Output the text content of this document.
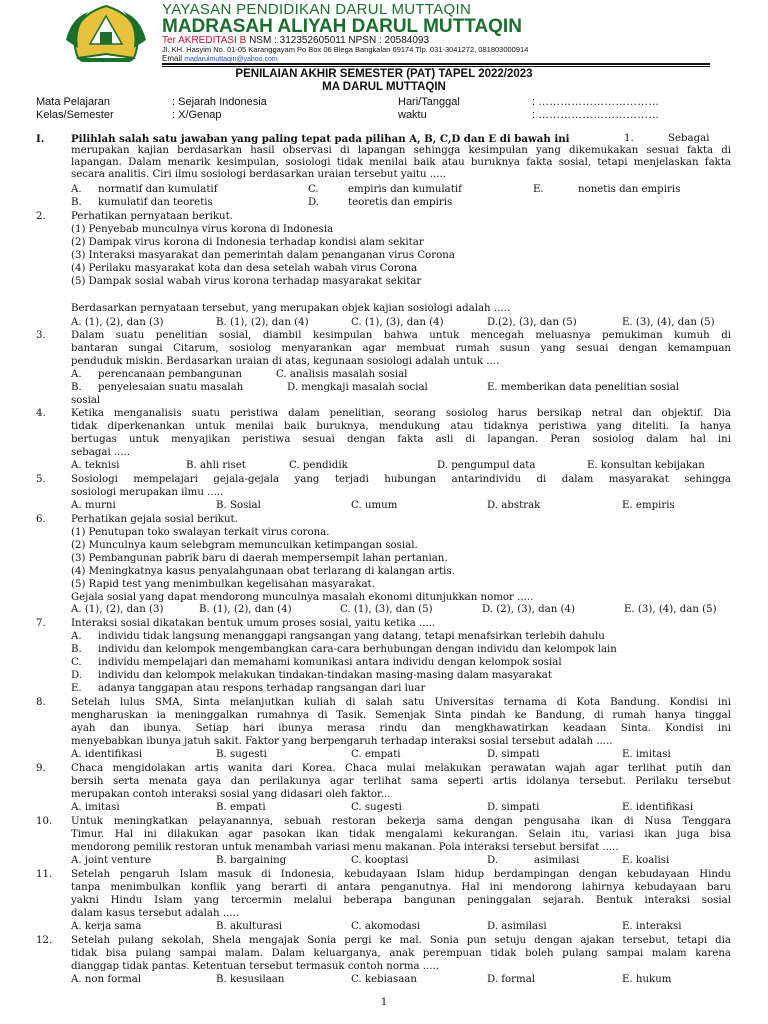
YAYASAN PENDIDIKAN DARUL MUTTAQIN
MADRASAH ALIYAH DARUL MUTTAQIN
Ter AKREDITASI B NSM : 312352605011 NPSN : 20584093
Jl. KH. Hasyim No. 01-05 Karanggayam Po Box 06 Blega Bangkalan 69174 Tlp. 031-3041272, 081803000914
Email madarulmuttaqin@yahoo.com
PENILAIAN AKHIR SEMESTER (PAT) TAPEL 2022/2023
MA DARUL MUTTAQIN
Mata Pelajaran	: Sejarah Indonesia	Hari/Tanggal	: ……………………………
Kelas/Semester	: X/Genap	waktu	: ……………………………
I.	Pilihlah salah satu jawaban yang paling tepat pada pilihan A, B, C,D dan E di bawah ini	1.	Sebagai
merupakan kajian berdasarkan hasil observasi di lapangan sehingga kesimpulan yang dikemukakan sesuai fakta di
lapangan. Dalam menarik kesimpulan, sosiologi tidak menilai baik atau buruknya fakta sosial, tetapi menjelaskan fakta
secara analitis. Ciri ilmu sosiologi berdasarkan uraian tersebut yaitu .....
A. normatif dan kumulatif	C.	empiris dan kumulatif	E.	nonetis dan empiris
B. kumulatif dan teoretis	D.	teoretis dan empiris
2. Perhatikan pernyataan berikut.
(1) Penyebab munculnya virus korona di Indonesia
(2) Dampak virus korona di Indonesia terhadap kondisi alam sekitar
(3) Interaksi masyarakat dan pemerintah dalam penanganan virus Corona
(4) Perilaku masyarakat kota dan desa setelah wabah virus Corona
(5) Dampak sosial wabah virus korona terhadap masyarakat sekitar
Berdasarkan pernyataan tersebut, yang merupakan objek kajian sosiologi adalah .....
A. (1), (2), dan (3)	B. (1), (2), dan (4)	C. (1), (3), dan (4)	D.(2), (3), dan (5)	E. (3), (4), dan (5)
3. Dalam suatu penelitian sosial, diambil kesimpulan bahwa untuk mencegah meluasnya pemukiman kumuh di
bantaran sungai Citarum, sosiolog menyarankan agar membuat rumah susun yang sesuai dengan kemampuan
penduduk miskin. Berdasarkan uraian di atas, kegunaan sosiologi adalah untuk ....
A. perencanaan pembangunan	C. analisis masalah sosial
B. penyelesaian suatu masalah	D. mengkaji masalah social	E. memberikan data penelitian sosial
sosial
4. Ketika menganalisis suatu peristiwa dalam penelitian, seorang sosiolog harus bersikap netral dan objektif. Dia
tidak diperkenankan untuk menilai baik buruknya, mendukung atau tidaknya peristiwa yang diteliti. Ia hanya
bertugas untuk menyajikan peristiwa sesuai dengan fakta asli di lapangan. Peran sosiolog dalam hal ini
sebagai .....
A. teknisi	B. ahli riset	C. pendidik	D. pengumpul data	E. konsultan kebijakan
5. Sosiologi mempelajari gejala-gejala yang terjadi hubungan antarindividu di dalam masyarakat sehingga
sosiologi merupakan ilmu .....
A. murni	B. Sosial	C. umum	D. abstrak	E. empiris
6. Perhatikan gejala sosial berikut.
(1) Penutupan toko swalayan terkait virus corona.
(2) Munculnya kaum selebgram memunculkan ketimpangan sosial.
(3) Pembangunan pabrik baru di daerah mempersempit lahan pertanian.
(4) Meningkatnya kasus penyalahgunaan obat terlarang di kalangan artis.
(5) Rapid test yang menimbulkan kegelisahan masyarakat.
Gejala sosial yang dapat mendorong munculnya masalah ekonomi ditunjukkan nomor .....
A. (1), (2), dan (3)	B. (1), (2), dan (4)	C. (1), (3), dan (5)	D. (2), (3), dan (4)	E. (3), (4), dan (5)
7. Interaksi sosial dikatakan bentuk umum proses sosial, yaitu ketika .....
A. individu tidak langsung menanggapi rangsangan yang datang, tetapi menafsirkan terlebih dahulu
B. individu dan kelompok mengembangkan cara-cara berhubungan dengan individu dan kelompok lain
C. individu mempelajari dan memahami komunikasi antara individu dengan kelompok sosial
D. individu dan kelompok melakukan tindakan-tindakan masing-masing dalam masyarakat
E. adanya tanggapan atau respons terhadap rangsangan dari luar
8. Setelah lulus SMA, Sinta melanjutkan kuliah di salah satu Universitas ternama di Kota Bandung. Kondisi ini
mengharuskan ia meninggalkan rumahnya di Tasik. Semenjak Sinta pindah ke Bandung, di rumah hanya tinggal
ayah dan ibunya. Setiap hari ibunya merasa rindu dan mengkhawatirkan keadaan Sinta. Kondisi ini
menyebabkan ibunya jatuh sakit. Faktor yang berpengaruh terhadap interaksi sosial tersebut adalah .....
A. identifikasi	B. sugesti	C. empati	D. simpati	E. imitasi
9. Chaca mengidolakan artis wanita dari Korea. Chaca mulai melakukan perawatan wajah agar terlihat putih dan
bersih serta menata gaya dan perilakunya agar terlihat sama seperti artis idolanya tersebut. Perilaku tersebut
merupakan contoh interaksi sosial yang didasari oleh faktor...
A. imitasi	B. empati	C. sugesti	D. simpati	E. identifikasi
10. Untuk meningkatkan pelayanannya, sebuah restoran bekerja sama dengan pengusaha ikan di Nusa Tenggara
Timur. Hal ini dilakukan agar pasokan ikan tidak mengalami kekurangan. Selain itu, variasi ikan juga bisa
mendorong pemilik restoran untuk menambah variasi menu makanan. Pola interaksi tersebut bersifat .....
A. joint venture	B. bargaining	C. kooptasi	D.	asimilasi	E. koalisi
11. Setelah pengaruh Islam masuk di Indonesia, kebudayaan Islam hidup berdampingan dengan kebudayaan Hindu
tanpa menimbulkan konflik yang berarti di antara penganutnya. Hal ini mendorong lahirnya kebudayaan baru
yakni Hindu Islam yang tercermin melalui beberapa bangunan peninggalan sejarah. Bentuk interaksi sosial
dalam kasus tersebut adalah .....
A. kerja sama	B. akulturasi	C. akomodasi	D. asimilasi	E. interaksi
12. Setelah pulang sekolah, Shela mengajak Sonia pergi ke mal. Sonia pun setuju dengan ajakan tersebut, tetapi dia
tidak bisa pulang sampai malam. Dalam keluarganya, anak perempuan tidak boleh pulang sampai malam karena
dianggap tidak pantas. Ketentuan tersebut termasuk contoh norma .....
A. non formal	B. kesusilaan	C. kebiasaan	D. formal	E. hukum
1
